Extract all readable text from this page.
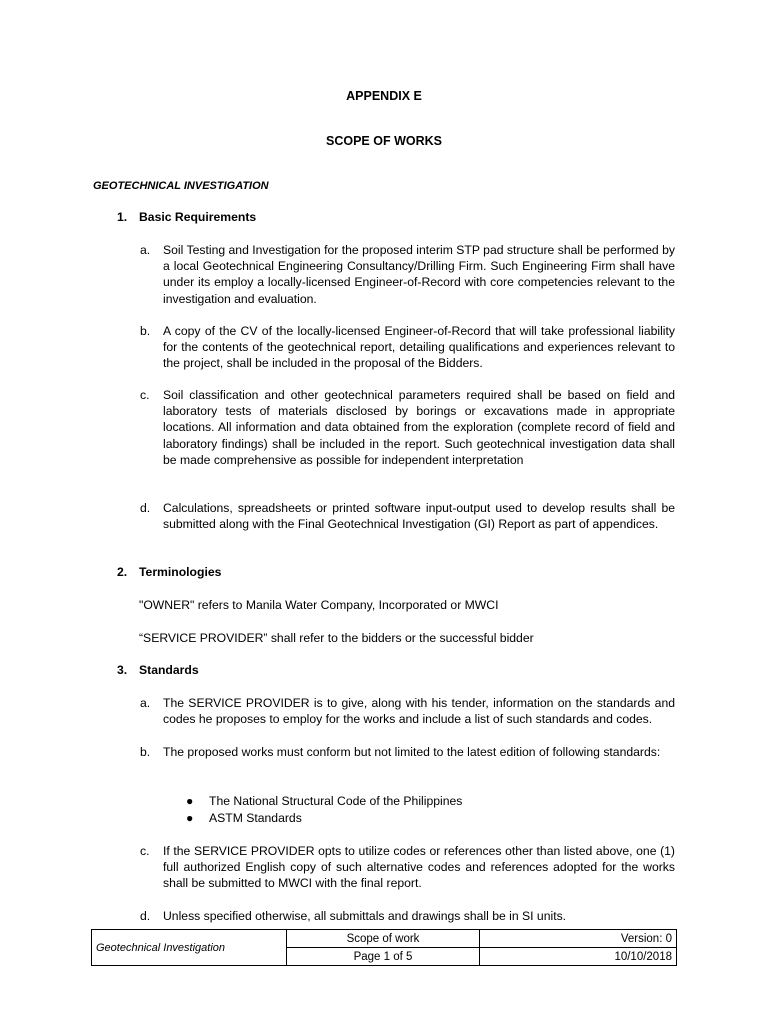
APPENDIX E
SCOPE OF WORKS
GEOTECHNICAL INVESTIGATION
1. Basic Requirements
a. Soil Testing and Investigation for the proposed interim STP pad structure shall be performed by a local Geotechnical Engineering Consultancy/Drilling Firm. Such Engineering Firm shall have under its employ a locally-licensed Engineer-of-Record with core competencies relevant to the investigation and evaluation.
b. A copy of the CV of the locally-licensed Engineer-of-Record that will take professional liability for the contents of the geotechnical report, detailing qualifications and experiences relevant to the project, shall be included in the proposal of the Bidders.
c. Soil classification and other geotechnical parameters required shall be based on field and laboratory tests of materials disclosed by borings or excavations made in appropriate locations. All information and data obtained from the exploration (complete record of field and laboratory findings) shall be included in the report. Such geotechnical investigation data shall be made comprehensive as possible for independent interpretation
d. Calculations, spreadsheets or printed software input-output used to develop results shall be submitted along with the Final Geotechnical Investigation (GI) Report as part of appendices.
2. Terminologies
"OWNER" refers to Manila Water Company, Incorporated or MWCI
“SERVICE PROVIDER” shall refer to the bidders or the successful bidder
3. Standards
a. The SERVICE PROVIDER is to give, along with his tender, information on the standards and codes he proposes to employ for the works and include a list of such standards and codes.
b. The proposed works must conform but not limited to the latest edition of following standards:
● The National Structural Code of the Philippines
● ASTM Standards
c. If the SERVICE PROVIDER opts to utilize codes or references other than listed above, one (1) full authorized English copy of such alternative codes and references adopted for the works shall be submitted to MWCI with the final report.
d. Unless specified otherwise, all submittals and drawings shall be in SI units.
Geotechnical Investigation	Scope of work	Version: 0
	Page 1 of 5	10/10/2018
